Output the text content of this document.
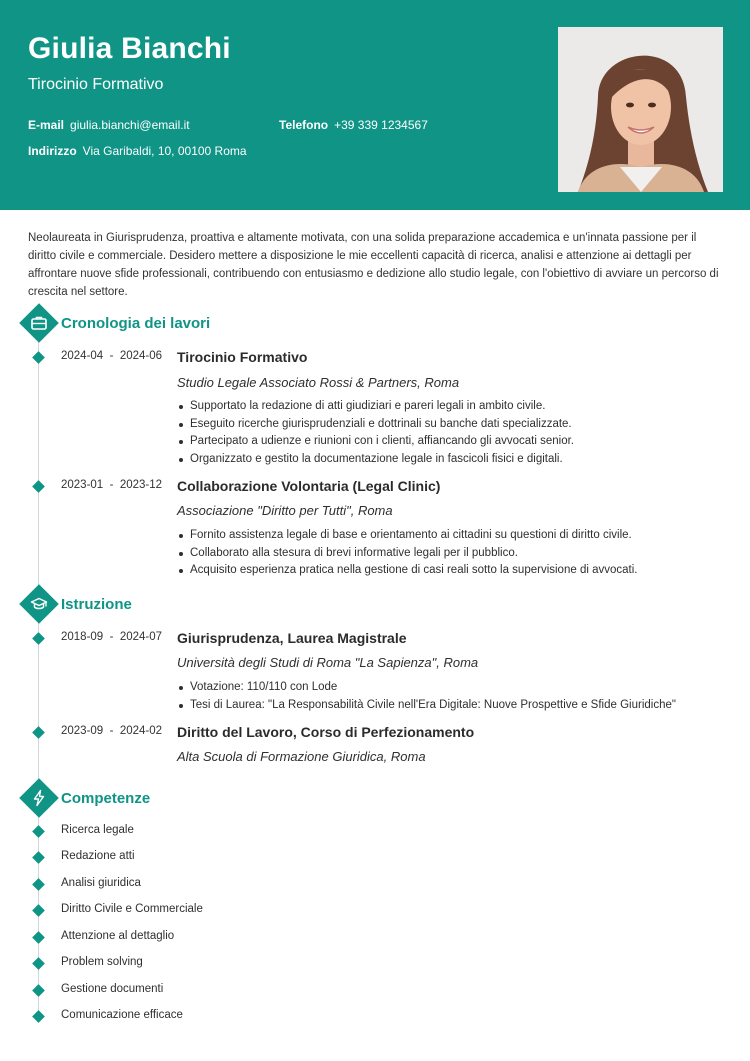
Giulia Bianchi
Tirocinio Formativo
E-mail giulia.bianchi@email.it	Telefono +39 339 1234567
Indirizzo Via Garibaldi, 10, 00100 Roma

Neolaureata in Giurisprudenza, proattiva e altamente motivata, con una solida preparazione accademica e un'innata passione per il diritto civile e commerciale. Desidero mettere a disposizione le mie eccellenti capacità di ricerca, analisi e attenzione ai dettagli per affrontare nuove sfide professionali, contribuendo con entusiasmo e dedizione allo studio legale, con l'obiettivo di avviare un percorso di crescita nel settore.

Cronologia dei lavori
2024-04  -  2024-06 Tirocinio Formativo
Studio Legale Associato Rossi & Partners, Roma
Supportato la redazione di atti giudiziari e pareri legali in ambito civile.
Eseguito ricerche giurisprudenziali e dottrinali su banche dati specializzate.
Partecipato a udienze e riunioni con i clienti, affiancando gli avvocati senior.
Organizzato e gestito la documentazione legale in fascicoli fisici e digitali.
2023-01  -  2023-12 Collaborazione Volontaria (Legal Clinic)
Associazione "Diritto per Tutti", Roma
Fornito assistenza legale di base e orientamento ai cittadini su questioni di diritto civile.
Collaborato alla stesura di brevi informative legali per il pubblico.
Acquisito esperienza pratica nella gestione di casi reali sotto la supervisione di avvocati.
Istruzione
2018-09  -  2024-07 Giurisprudenza, Laurea Magistrale
Università degli Studi di Roma "La Sapienza", Roma
Votazione: 110/110 con Lode
Tesi di Laurea: "La Responsabilità Civile nell'Era Digitale: Nuove Prospettive e Sfide Giuridiche"
2023-09  -  2024-02 Diritto del Lavoro, Corso di Perfezionamento
Alta Scuola di Formazione Giuridica, Roma
Competenze
Ricerca legale
Redazione atti
Analisi giuridica
Diritto Civile e Commerciale
Attenzione al dettaglio
Problem solving
Gestione documenti
Comunicazione efficace
